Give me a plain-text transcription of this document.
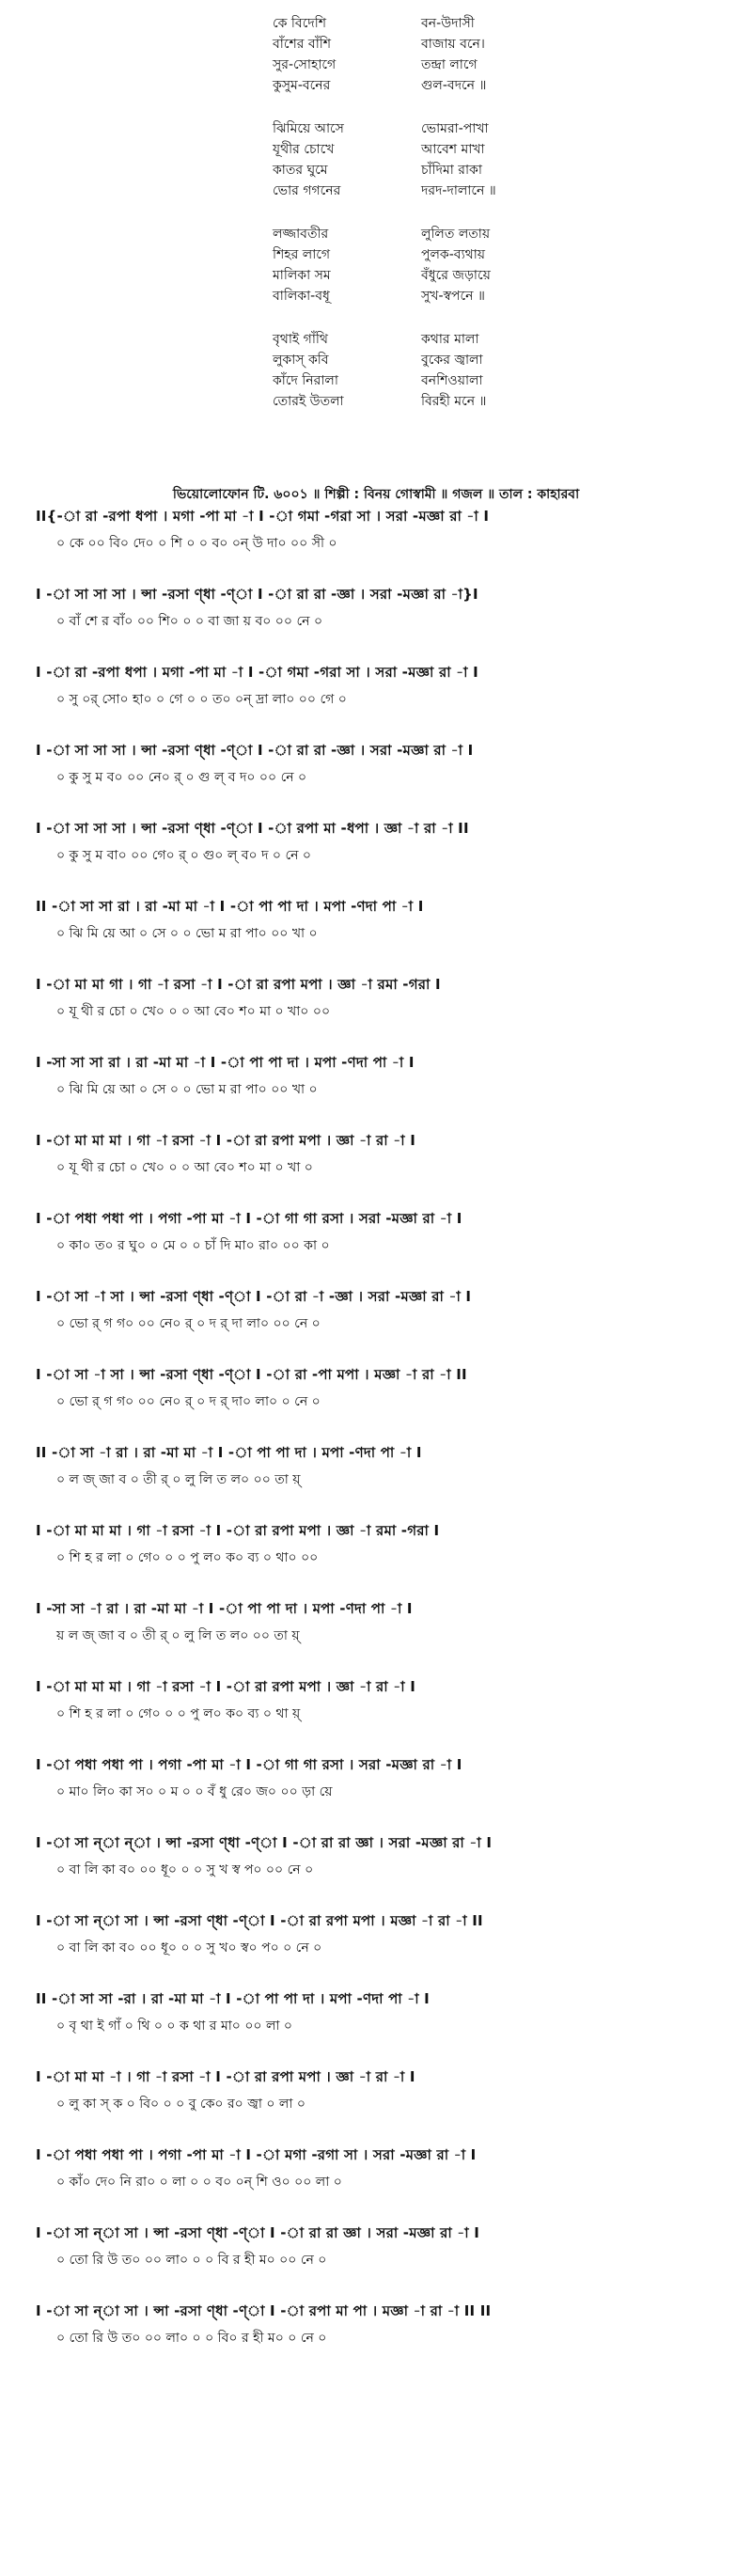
কে বিদেশি	বন-উদাসী
বাঁশের বাঁশি	বাজায় বনে।
সুর-সোহাগে	তন্দ্রা লাগে
কুসুম-বনের	গুল-বদনে ॥
ঝিমিয়ে আসে	ভোমরা-পাখা
যূথীর চোখে	আবেশ মাখা
কাতর ঘুমে	চাঁদিমা রাকা
ভোর গগনের	দরদ-দালানে ॥
লজ্জাবতীর	লুলিত লতায়
শিহর লাগে	পুলক-ব্যথায়
মালিকা সম	বঁধুরে জড়ায়ে
বালিকা-বধূ	সুখ-স্বপনে ॥
বৃথাই গাঁথি	কথার মালা
লুকাস্ কবি	বুকের জ্বালা
কাঁদে নিরালা	বনশিওয়ালা
তোরই উতলা	বিরহী মনে ॥
ভিয়োলোফোন টি. ৬০০১ ॥ শিল্পী : বিনয় গোস্বামী ॥ গজল ॥ তাল : কাহারবা
II{-া রা -রপা ধপা । মগা -পা মা -া I -া গমা -গরা সা । সরা -মজ্ঞা রা -া I
০ কে ০০ বি০ দে০ ০ শি ০ ০ ব০ ০ন্ উ দা০ ০০ সী ০
I -া সা সা সা । ন্সা -রসা ণ্ধা -ণ্া I -া রা রা -জ্ঞা । সরা -মজ্ঞা রা -া}I
০ বাঁ শে র বাঁ০ ০০ শি০ ০ ০ বা জা য় ব০ ০০ নে ০
I -া রা -রপা ধপা । মগা -পা মা -া I -া গমা -গরা সা । সরা -মজ্ঞা রা -া I
০ সু ০র্ সো০ হা০ ০ গে ০ ০ ত০ ০ন্ দ্রা লা০ ০০ গে ০
I -া সা সা সা । ন্সা -রসা ণ্ধা -ণ্া I -া রা রা -জ্ঞা । সরা -মজ্ঞা রা -া I
০ কু সু ম ব০ ০০ নে০ র্ ০ গু ল্ ব দ০ ০০ নে ০
I -া সা সা সা । ন্সা -রসা ণ্ধা -ণ্া I -া রপা মা -ধপা । জ্ঞা -া রা -া II
০ কু সু ম বা০ ০০ গে০ র্ ০ গু০ ল্ ব০ দ ০ নে ০
II -া সা সা রা । রা -মা মা -া I -া পা পা দা । মপা -ণদা পা -া I
০ ঝি মি য়ে আ ০ সে ০ ০ ভো ম রা পা০ ০০ খা ০
I -া মা মা গা । গা -া রসা -া I -া রা রপা মপা । জ্ঞা -া রমা -গরা I
০ যূ থী র চো ০ খে০ ০ ০ আ বে০ শ০ মা ০ খা০ ০০
I -সা সা সা রা । রা -মা মা -া I -া পা পা দা । মপা -ণদা পা -া I
০ ঝি মি য়ে আ ০ সে ০ ০ ভো ম রা পা০ ০০ খা ০
I -া মা মা মা । গা -া রসা -া I -া রা রপা মপা । জ্ঞা -া রা -া I
০ যূ থী র চো ০ খে০ ০ ০ আ বে০ শ০ মা ০ খা ০
I -া পধা পধা পা । পগা -পা মা -া I -া গা গা রসা । সরা -মজ্ঞা রা -া I
০ কা০ ত০ র ঘু০ ০ মে ০ ০ চাঁ দি মা০ রা০ ০০ কা ০
I -া সা -া সা । ন্সা -রসা ণ্ধা -ণ্া I -া রা -া -জ্ঞা । সরা -মজ্ঞা রা -া I
০ ভো র্ গ গ০ ০০ নে০ র্ ০ দ র্ দা লা০ ০০ নে ০
I -া সা -া সা । ন্সা -রসা ণ্ধা -ণ্া I -া রা -পা মপা । মজ্ঞা -া রা -া II
০ ভো র্ গ গ০ ০০ নে০ র্ ০ দ র্ দা০ লা০ ০ নে ০
II -া সা -া রা । রা -মা মা -া I -া পা পা দা । মপা -ণদা পা -া I
০ ল জ্ জা ব ০ তী র্ ০ লু লি ত ল০ ০০ তা য়্
I -া মা মা মা । গা -া রসা -া I -া রা রপা মপা । জ্ঞা -া রমা -গরা I
০ শি হ র লা ০ গে০ ০ ০ পু ল০ ক০ ব্য ০ থা০ ০০
I -সা সা -া রা । রা -মা মা -া I -া পা পা দা । মপা -ণদা পা -া I
য় ল জ্ জা ব ০ তী র্ ০ লু লি ত ল০ ০০ তা য়্
I -া মা মা মা । গা -া রসা -া I -া রা রপা মপা । জ্ঞা -া রা -া I
০ শি হ র লা ০ গে০ ০ ০ পু ল০ ক০ ব্য ০ থা য়্
I -া পধা পধা পা । পগা -পা মা -া I -া গা গা রসা । সরা -মজ্ঞা রা -া I
০ মা০ লি০ কা স০ ০ ম ০ ০ বঁ ধু রে০ জ০ ০০ ড়া য়ে
I -া সা ন্া ন্া । ন্সা -রসা ণ্ধা -ণ্া I -া রা রা জ্ঞা । সরা -মজ্ঞা রা -া I
০ বা লি কা ব০ ০০ ধূ০ ০ ০ সু খ স্ব প০ ০০ নে ০
I -া সা ন্া সা । ন্সা -রসা ণ্ধা -ণ্া I -া রা রপা মপা । মজ্ঞা -া রা -া II
০ বা লি কা ব০ ০০ ধূ০ ০ ০ সু খ০ স্ব০ প০ ০ নে ০
II -া সা সা -রা । রা -মা মা -া I -া পা পা দা । মপা -ণদা পা -া I
০ বৃ থা ই গাঁ ০ থি ০ ০ ক থা র মা০ ০০ লা ০
I -া মা মা -া । গা -া রসা -া I -া রা রপা মপা । জ্ঞা -া রা -া I
০ লু কা স্ ক ০ বি০ ০ ০ বু কে০ র০ জ্বা ০ লা ০
I -া পধা পধা পা । পগা -পা মা -া I -া মগা -রগা সা । সরা -মজ্ঞা রা -া I
০ কাঁ০ দে০ নি রা০ ০ লা ০ ০ ব০ ০ন্ শি ও০ ০০ লা ০
I -া সা ন্া সা । ন্সা -রসা ণ্ধা -ণ্া I -া রা রা জ্ঞা । সরা -মজ্ঞা রা -া I
০ তো রি উ ত০ ০০ লা০ ০ ০ বি র হী ম০ ০০ নে ০
I -া সা ন্া সা । ন্সা -রসা ণ্ধা -ণ্া I -া রপা মা পা । মজ্ঞা -া রা -া II II
০ তো রি উ ত০ ০০ লা০ ০ ০ বি০ র হী ম০ ০ নে ০
